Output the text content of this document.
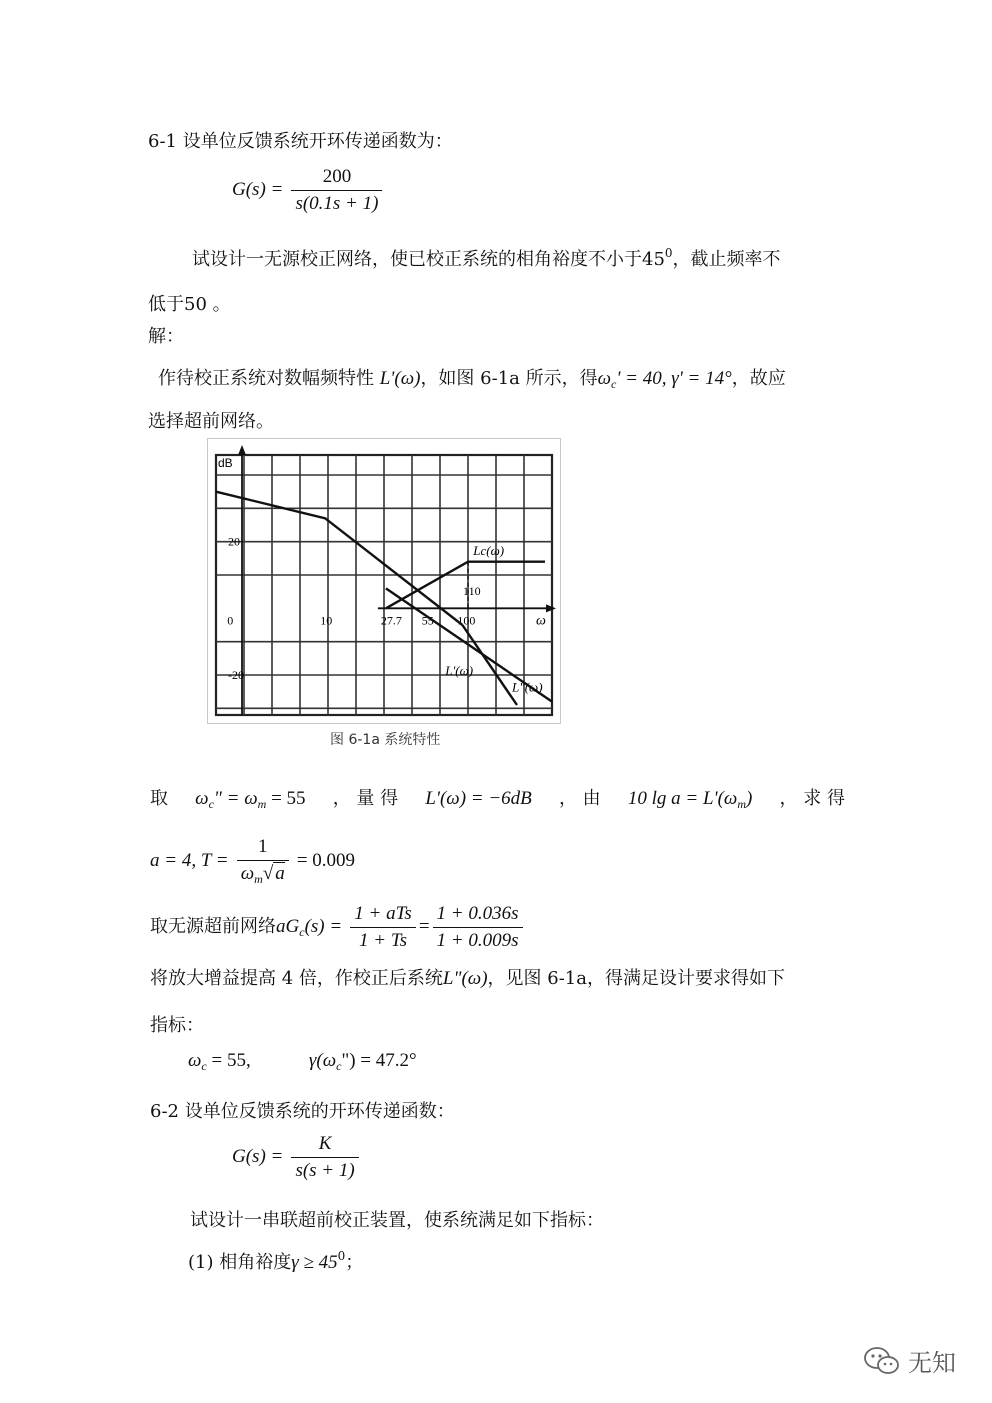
6-1 设单位反馈系统开环传递函数为：
$G(s) = \frac{200}{s(0.1s + 1)}$
试设计一无源校正网络，使已校正系统的相角裕度不小于$45^0$，截止频率不
低于50 。
解：
作待校正系统对数幅频特性 L'(ω)，如图 6-1a 所示，得$\omega_c' = 40$, γ' = 14°，故应
选择超前网络。
dB
ω
20
-20
0	10	27.7 55 100
110
Lc(ω)
L'(ω)
L"(ω)
图 6-1a 系统特性
取 $\omega_c$" = $\omega_m = 55$ ， 量 得 L'(ω) = −6dB ， 由 10 $\lg a = L'(\omega_m)$ ， 求 得
a = 4, $T = \frac{1}{\omega_m√ a} = 0.009$
取无源超前网络$aG_c(s) = \frac{\text{1 + aTs}}{1 + Ts} = \frac{1 + 0.036s}{1 + 0.009s}$
将放大增益提高 4 倍，作校正后系统L"(ω)，见图 6-1a，得满足设计要求得如下
指标：
$\omega_c = 55$,	$\gamma(\omega_c") = 47.2^\circ$
6-2 设单位反馈系统的开环传递函数：
$G(s) = \frac{K}{s(s + 1)}$
试设计一串联超前校正装置，使系统满足如下指标：
(1) 相角裕度$\gamma \ge 45^0$；
无知
